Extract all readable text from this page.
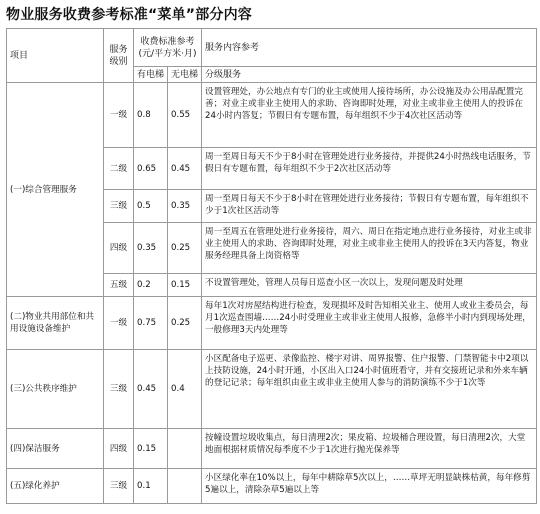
物业服务收费参考标准“菜单”部分内容
项目	服务级别	收费标准参考(元/平方米·月)		服务内容参考
		有电梯	无电梯	分级服务
(一)综合管理服务	一级	0.8	0.55	设置管理处，办公地点有专门的业主或使用人接待场所，办公设施及办公用品配置完善；对业主或非业主使用人的求助、咨询即时处理，对业主或非业主使用人的投诉在24小时内答复；节假日有专题布置，每年组织不少于4次社区活动等
	二级	0.65	0.45	周一至周日每天不少于8小时在管理处进行业务接待，并提供24小时热线电话服务，节假日有专题布置，每年组织不少于2次社区活动等
	三级	0.5	0.35	周一至周日每天不少于8小时在管理处进行业务接待；节假日有专题布置，每年组织不少于1次社区活动等
	四级	0.35	0.25	周一至周五在管理处进行业务接待，周六、周日在指定地点进行业务接待，对业主或非业主使用人的求助、咨询即时处理，对业主或非业主使用人的投诉在3天内答复，物业服务经理具备上岗资格等
	五级	0.2	0.15	不设置管理处，管理人员每日巡查小区一次以上，发现问题及时处理
(二)物业共用部位和共用设施设备维护	一级	0.75	0.25	每年1次对房屋结构进行检查，发现损坏及时告知相关业主、使用人或业主委员会，每月1次巡查围墙……24小时受理业主或非业主使用人报修，急修半小时内到现场处理，一般修理3天内处理等
(三)公共秩序维护	三级	0.45	0.4	小区配备电子巡更、录像监控、楼宇对讲、周界报警、住户报警、门禁智能卡中2项以上技防设施，24小时开通，小区出入口24小时值班看守，并有交接班记录和外来车辆的登记记录；每年组织由业主或非业主使用人参与的消防演练不少于1次等
(四)保洁服务	四级	0.15		按幢设置垃圾收集点，每日清理2次；果皮箱、垃圾桶合理设置，每日清理2次，大堂地面根据材质情况每季度不少于1次进行抛光保养等
(五)绿化养护	三级	0.1		小区绿化率在10%以上，每年中耕除草5次以上，……草坪无明显缺株枯黄，每年修剪5遍以上，清除杂草5遍以上等
